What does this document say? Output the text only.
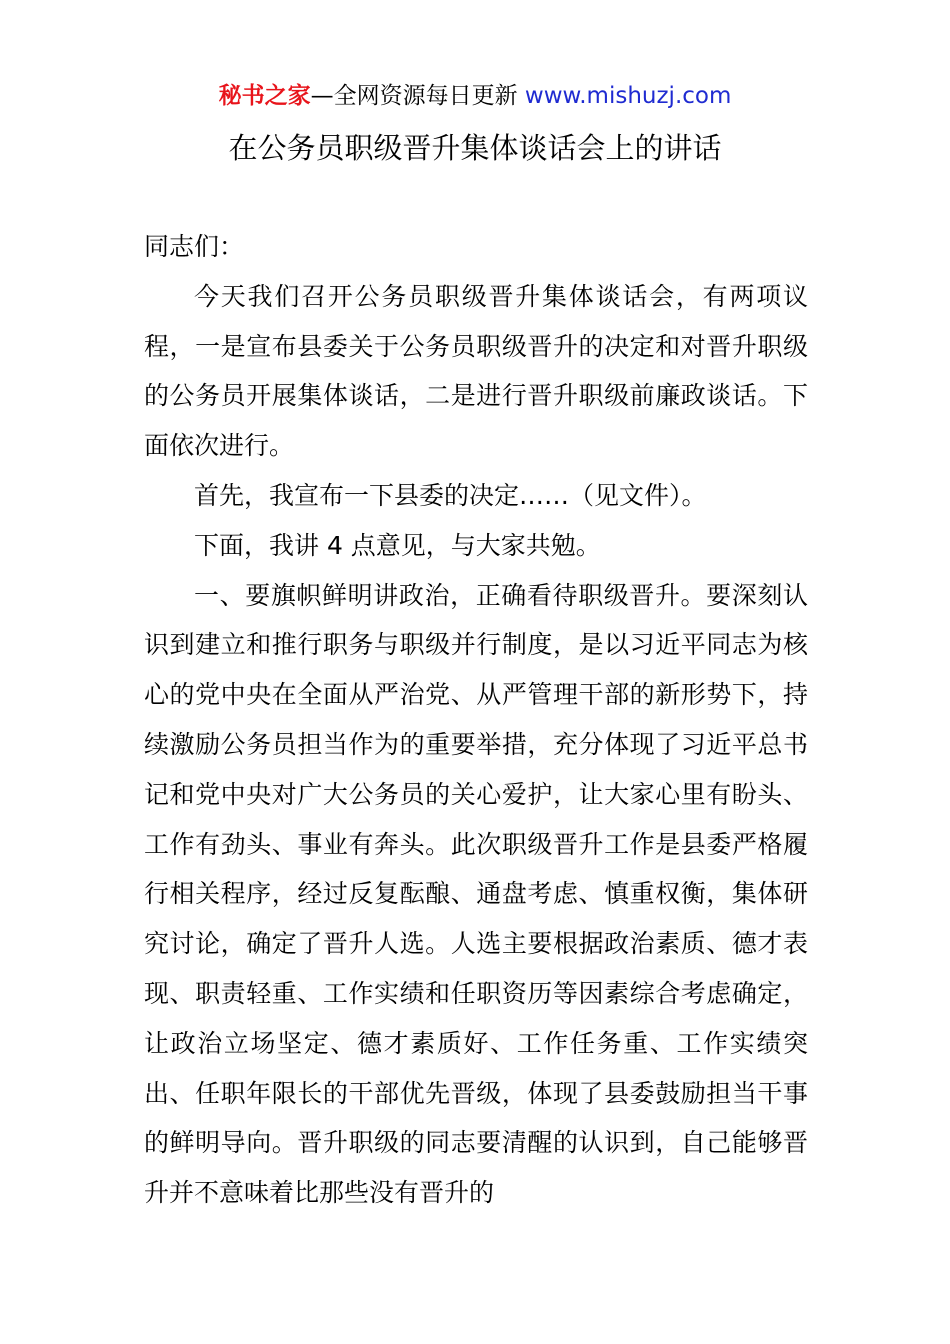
秘书之家—全网资源每日更新 www.mishuzj.com
在公务员职级晋升集体谈话会上的讲话

同志们：

今天我们召开公务员职级晋升集体谈话会，有两项议程，一是宣布县委关于公务员职级晋升的决定和对晋升职级的公务员开展集体谈话，二是进行晋升职级前廉政谈话。下面依次进行。

首先，我宣布一下县委的决定……（见文件）。

下面，我讲 4 点意见，与大家共勉。

一、要旗帜鲜明讲政治，正确看待职级晋升。要深刻认识到建立和推行职务与职级并行制度，是以习近平同志为核心的党中央在全面从严治党、从严管理干部的新形势下，持续激励公务员担当作为的重要举措，充分体现了习近平总书记和党中央对广大公务员的关心爱护，让大家心里有盼头、工作有劲头、事业有奔头。此次职级晋升工作是县委严格履行相关程序，经过反复酝酿、通盘考虑、慎重权衡，集体研究讨论，确定了晋升人选。人选主要根据政治素质、德才表现、职责轻重、工作实绩和任职资历等因素综合考虑确定，让政治立场坚定、德才素质好、工作任务重、工作实绩突出、任职年限长的干部优先晋级，体现了县委鼓励担当干事的鲜明导向。晋升职级的同志要清醒的认识到，自己能够晋升并不意味着比那些没有晋升的
